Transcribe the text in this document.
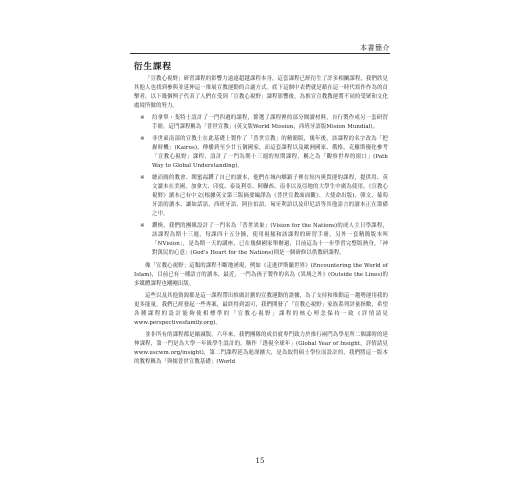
本書簡介
衍生課程

「宣教心視野」研習課程的影響力遠遠超越課程本身，這套課程已經衍生了許多相關課程，我們欣見其他人也找到參與並延伸這一推展宣教運動的合適方式。底下這個中表們就是藉在這一時代寫作作為的首擊者，以下幾個例子代表了人們在受到「宣教心視野」課程影響後，為推宣宣教教運將不同的受眾和文化處境所做的努力。

※ 約拿單・斐特士設計了一門四週的課程，節選了課程裡的部分閱讀材料，自行製作成另一套研習手冊，這門課程稱為「普世宣教」(英文版World Mission，西班牙語版Mision Mundial)。
※ 非世東南部的宣教士在此基礎上製作了「普世宣教」的精簡版，幾年後，該課程的名字改為「把握時機」(Kairos)，傳播到至少廿五個國家，而這套課程以及歐洲國家、俄格、克羅斯優化參考「宣教心視野」課程，設計了一門為期十三週的短期課程，稱之為「觀察世界的窗口」(Path Way to Global Understanding)。
※ 總而圓的教會、閩蜜福鑽了自己的讀本，他們在城內鄉鎮子裡在短內奧貴運的課程，提供用、英文讀本在美國、加拿大、印度、泰及利亞、阿聯酋、南非以及亞地的大學生中廣為使用。《宣教心視野》讀本已有中文(根據英文第三版摘要編譯為《普世宣教面面觀》、大使命出版)、韓文、葡萄牙語的讀本、讓如話語、西班牙語、阿拉伯語、匈牙利語以及印尼語等其他語言的讀本正在籌備之中。
※ 鑽換，我們的團隊設計了一門名為「普世異象」(Vision for the Nations)的成人主日學課程，該課程為期十三週，每課四十五分鐘，使用視頻和該課程的研習手冊，另外一套精簡版本叫「NVision」，是為期一天的講座，已在幾個國家舉辦過，目前這為十一步學習完整版熱身，「神對萬民的心意」(God's Heart for the Nations)則是一個研修以供教研課程。

像「宣教心視野」這類的課程不斷地湧現，例如《走進伊斯蘭世界》(Encountering the World of Islam)，目前已有一種語言的讀本，最近，一門為孩子製作的名為《異域之外》(Outside the Lines)的多媒體課程也剛剛出版。

這些以及其他資源都是這一課程帶出推廣計劃的宣教運動的證據，為了支持和推動這一趨勢運用我的更多能量，我們已經發起一些專案，最終得到認可，我們開發了「宣教心視野」家族系列評量指數，希望各種課程的設計能夠使相標準的「宣教心視野」課程的核心理念保持一致 (詳情請見 www.perspectivesfamily.org)。

並非所有的課程都是縮減版，六年來，我們團隊的成員就專門致力於推行兩門為學星所二個課時的延伸課程，第一門是為大學一年級學生設計的，稱作「透視全球年」(Global Year of Insight，詳情請見www.uscwm.org/insight)，第二門課程延為進深擴大，是為取得碩士學位而設計的，我們將這一版本的教程稱為「與儒普世宣教基礎」(World

15
